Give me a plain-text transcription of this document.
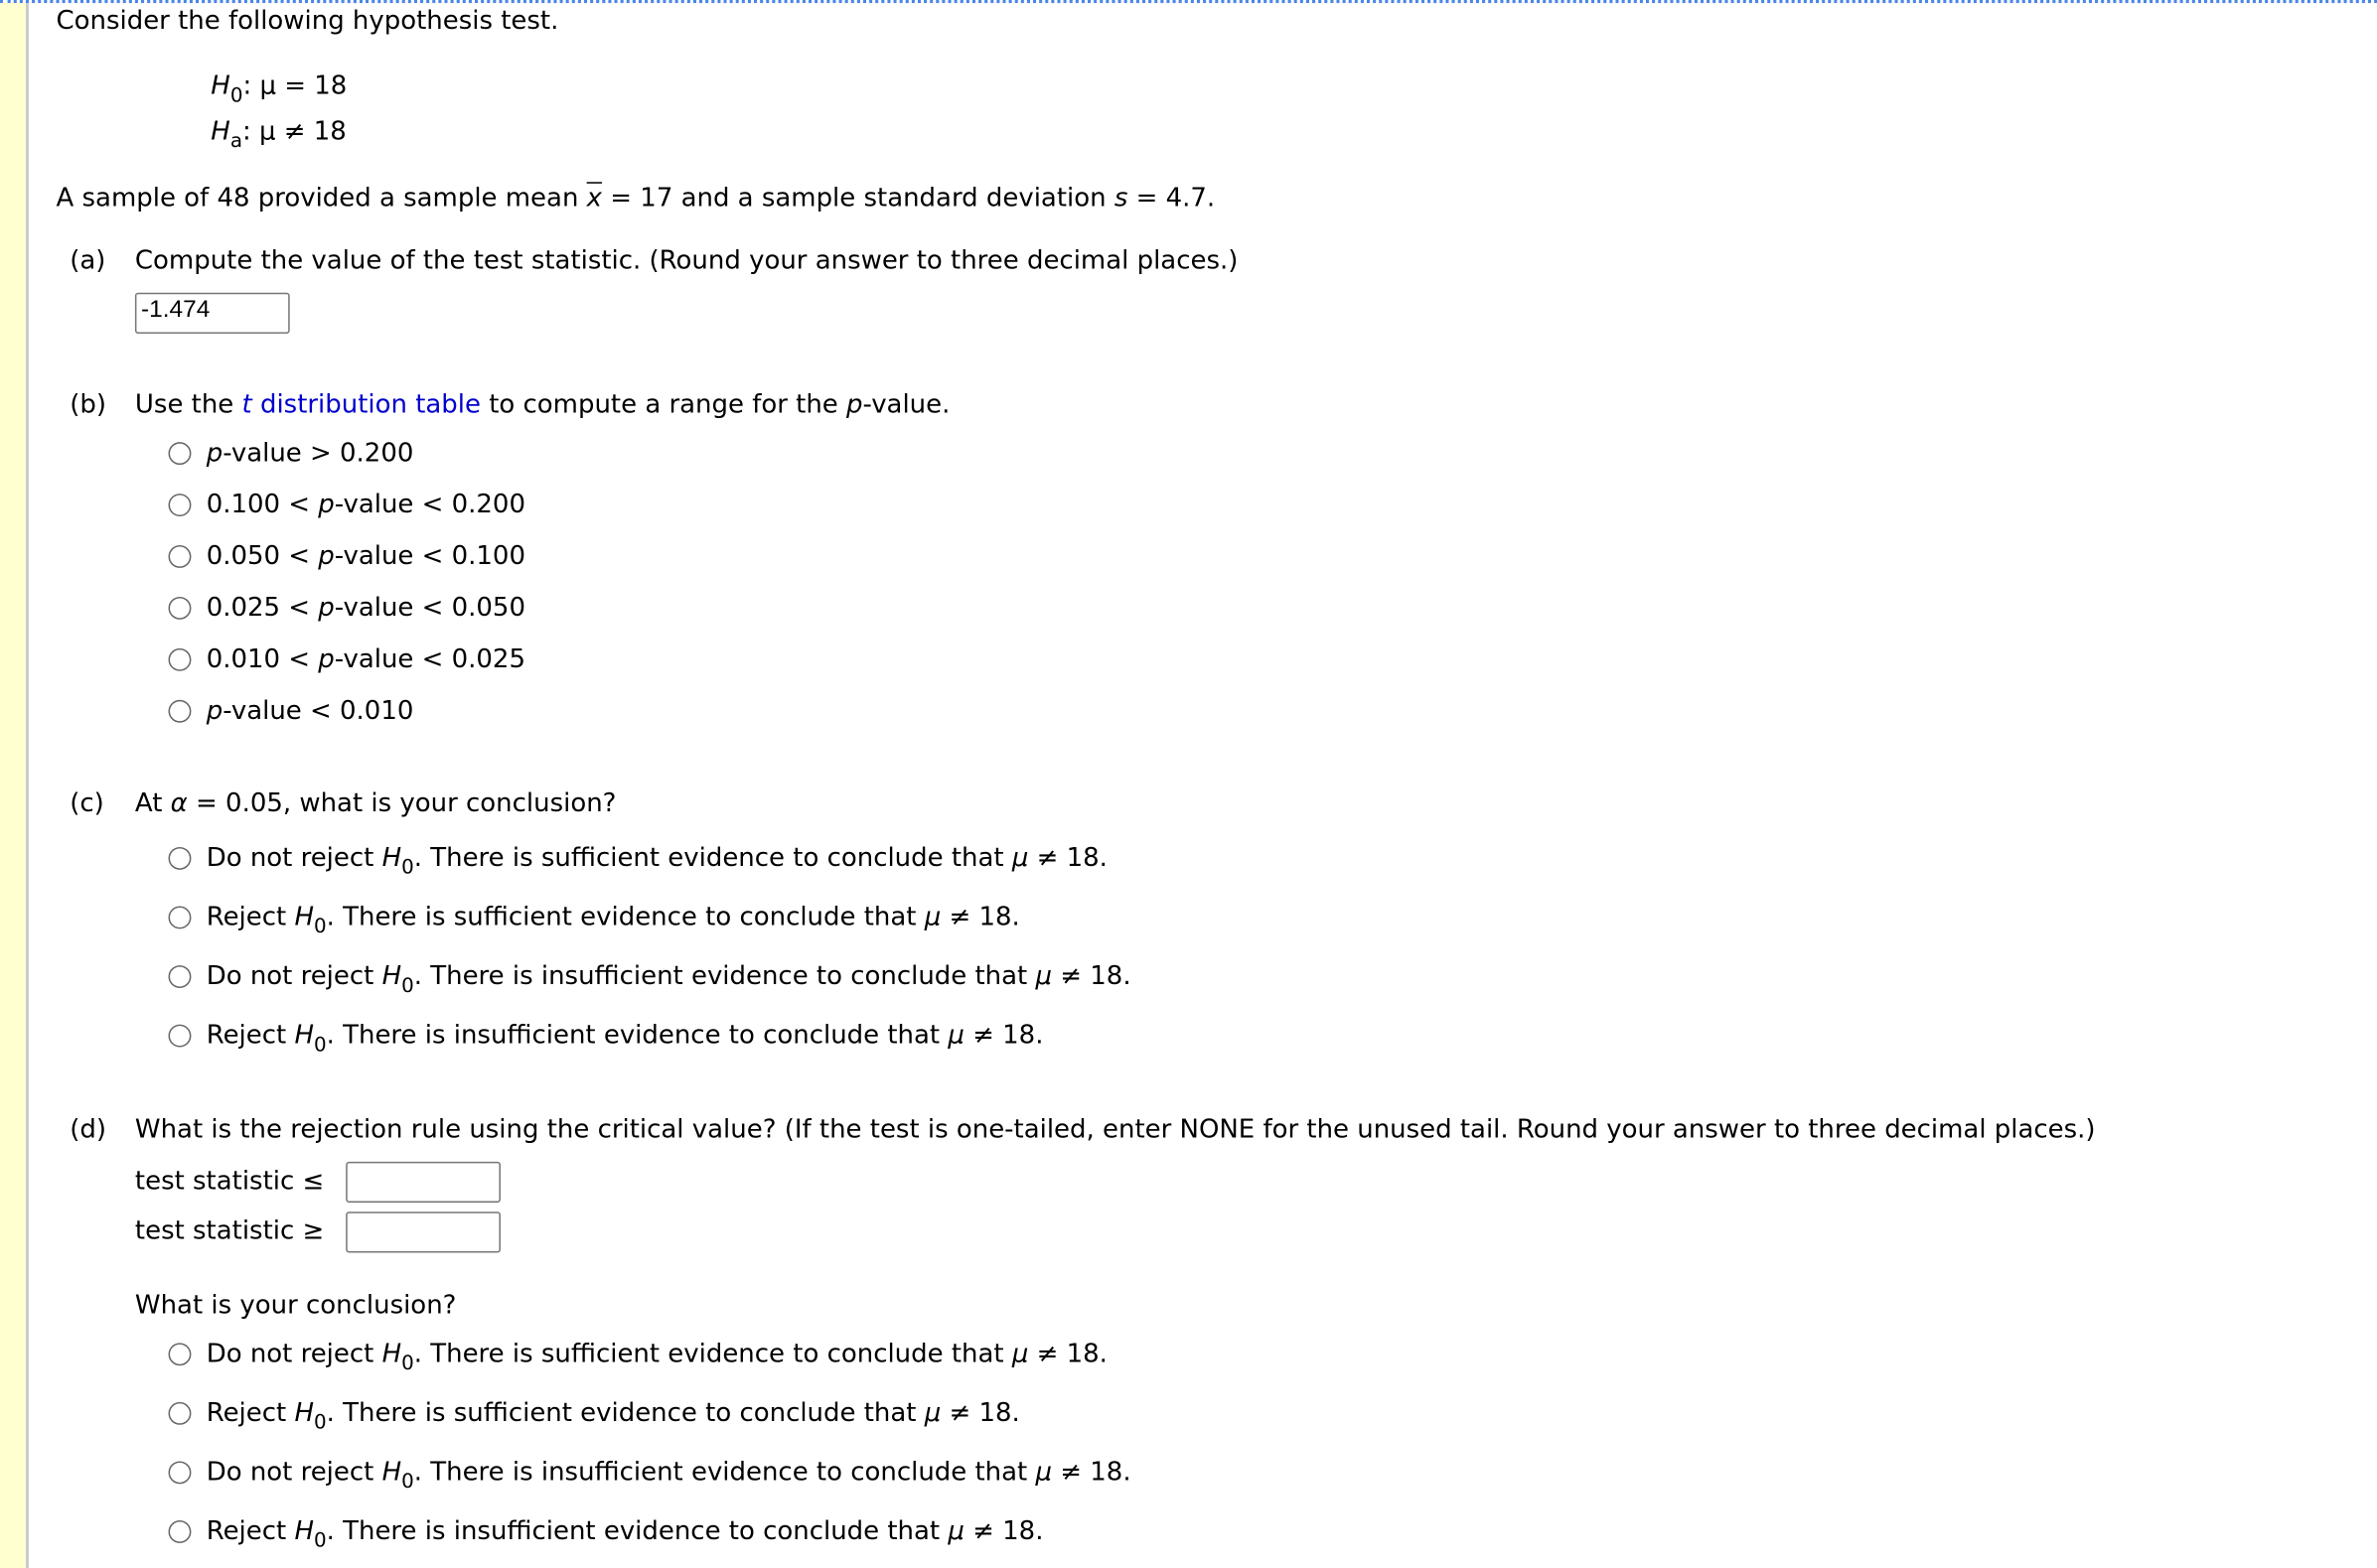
Consider the following hypothesis test.
$H_0$: μ = 18
$H_a$: μ ≠ 18
A sample of 48 provided a sample mean $\overline{x} = 17$ and a sample standard deviation s = 4.7.
(a) Compute the value of the test statistic. (Round your answer to three decimal places.)
-1.474
(b) Use the t distribution table to compute a range for the p-value.
(c) At α = 0.05, what is your conclusion?
(d) What is the rejection rule using the critical value? (If the test is one-tailed, enter NONE for the unused tail. Round your answer to three decimal places.)
test statistic ≤
test statistic ≥
What is your conclusion?
p-value > 0.200
0.100 < p-value < 0.200
0.050 < p-value < 0.100
0.025 < p-value < 0.050
0.010 < p-value < 0.025
p-value < 0.010
Do not reject $H_0$. There is sufficient evidence to conclude that μ ≠ 18.
Reject $H_0$. There is sufficient evidence to conclude that μ ≠ 18.
Do not reject $H_0$. There is insufficient evidence to conclude that μ ≠ 18.
Reject $H_0$. There is insufficient evidence to conclude that μ ≠ 18.
Do not reject $H_0$. There is sufficient evidence to conclude that μ ≠ 18.
Reject $H_0$. There is sufficient evidence to conclude that μ ≠ 18.
Do not reject $H_0$. There is insufficient evidence to conclude that μ ≠ 18.
Reject $H_0$. There is insufficient evidence to conclude that μ ≠ 18.
